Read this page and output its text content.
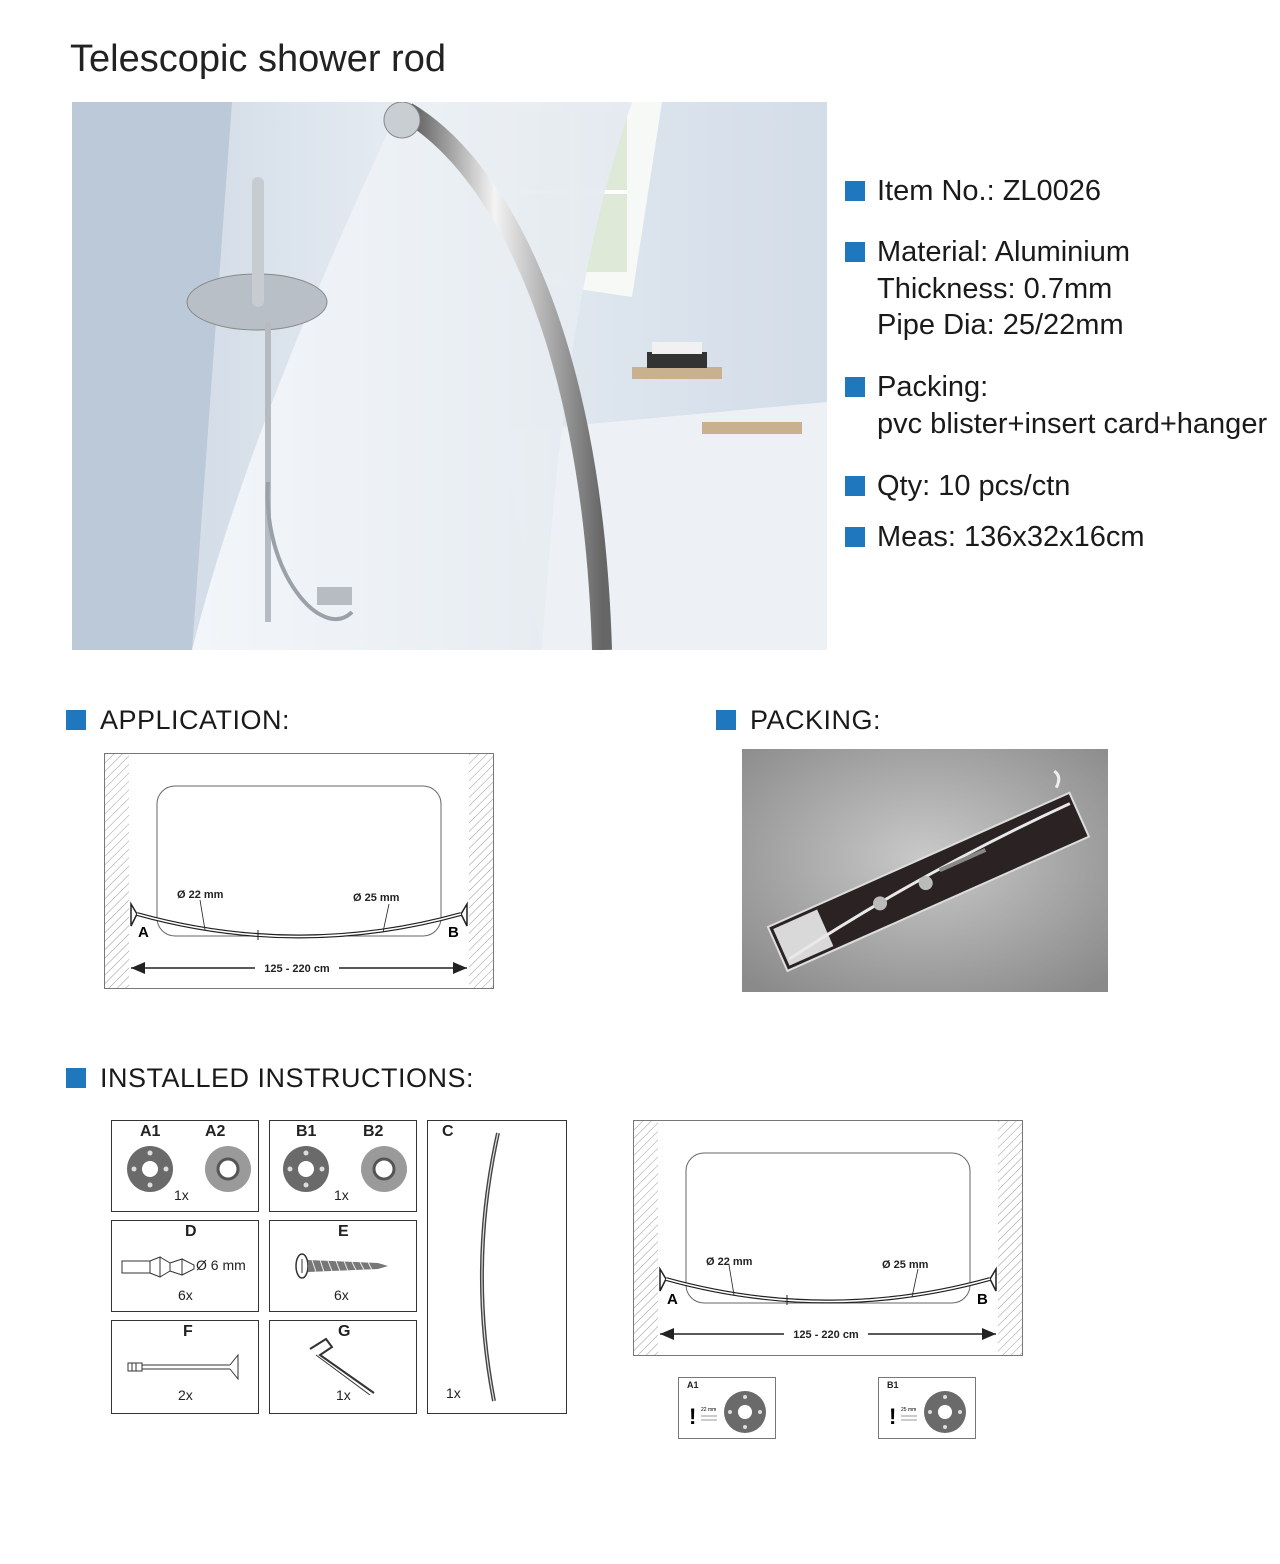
Telescopic shower rod
Item No.: ZL0026
Material: Aluminium
Thickness: 0.7mm
Pipe Dia: 25/22mm
Packing:
pvc blister+insert card+hanger
Qty: 10 pcs/ctn
Meas: 136x32x16cm
APPLICATION:	PACKING:
INSTALLED INSTRUCTIONS:
Ø 22 mm	Ø 25 mm
A	B
125 - 220 cm
A1	A2
1x
B1	B2
1x
C
1x
D
Ø 6 mm
6x
E
6x
F
2x
G
1x
Ø 22 mm	Ø 25 mm
A	B
125 - 220 cm
A1
! 22 mm
B1
! 25 mm
